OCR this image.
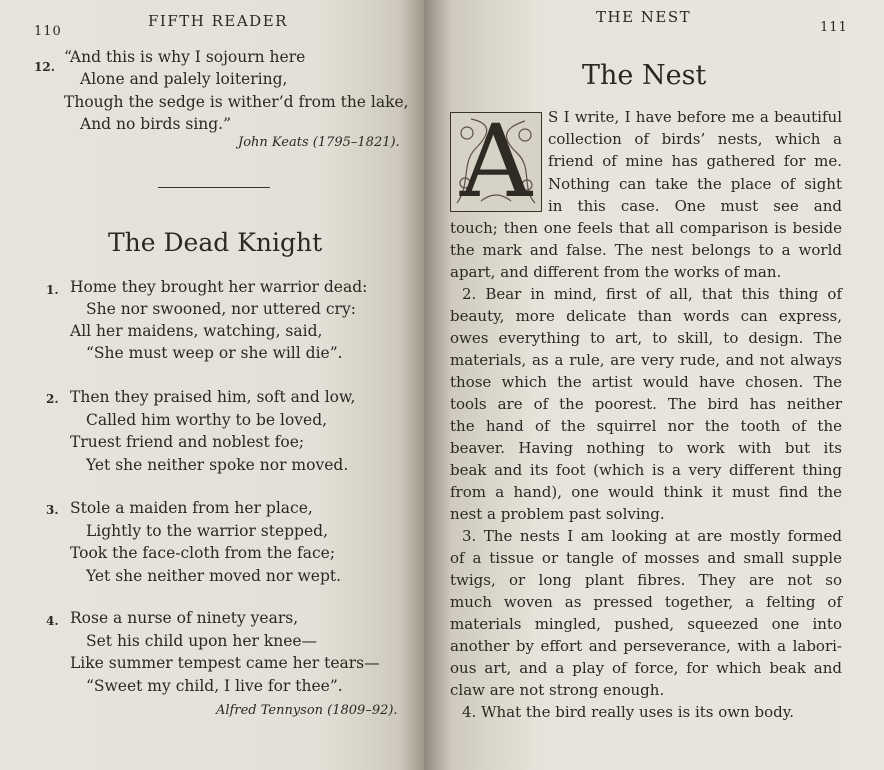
110
FIFTH READER
12.
“And this is why I sojourn here
Alone and palely loitering,
Though the sedge is wither’d from the lake,
And no birds sing.”
John Keats (1795–1821).
The Dead Knight
1. Home they brought her warrior dead:
She nor swooned, nor uttered cry:
All her maidens, watching, said,
“She must weep or she will die”.
2. Then they praised him, soft and low,
Called him worthy to be loved,
Truest friend and noblest foe;
Yet she neither spoke nor moved.
3. Stole a maiden from her place,
Lightly to the warrior stepped,
Took the face-cloth from the face;
Yet she neither moved nor wept.
4. Rose a nurse of ninety years,
Set his child upon her knee—
Like summer tempest came her tears—
“Sweet my child, I live for thee”.
Alfred Tennyson (1809–92).
THE NEST
111
The Nest
A	S I write, I have before me a beautiful
collection of birds’ nests, which a
friend of mine has gathered for me.
Nothing can take the place of sight
in this case. One must see and
touch; then one feels that all comparison is beside
the mark and false. The nest belongs to a world
apart, and different from the works of man.
2. Bear in mind, first of all, that this thing of
beauty, more delicate than words can express,
owes everything to art, to skill, to design. The
materials, as a rule, are very rude, and not always
those which the artist would have chosen. The
tools are of the poorest. The bird has neither
the hand of the squirrel nor the tooth of the
beaver. Having nothing to work with but its
beak and its foot (which is a very different thing
from a hand), one would think it must find the
nest a problem past solving.
3. The nests I am looking at are mostly formed
of a tissue or tangle of mosses and small supple
twigs, or long plant fibres. They are not so
much woven as pressed together, a felting of
materials mingled, pushed, squeezed one into
another by effort and perseverance, with a labori-
ous art, and a play of force, for which beak and
claw are not strong enough.
4. What the bird really uses is its own body.
